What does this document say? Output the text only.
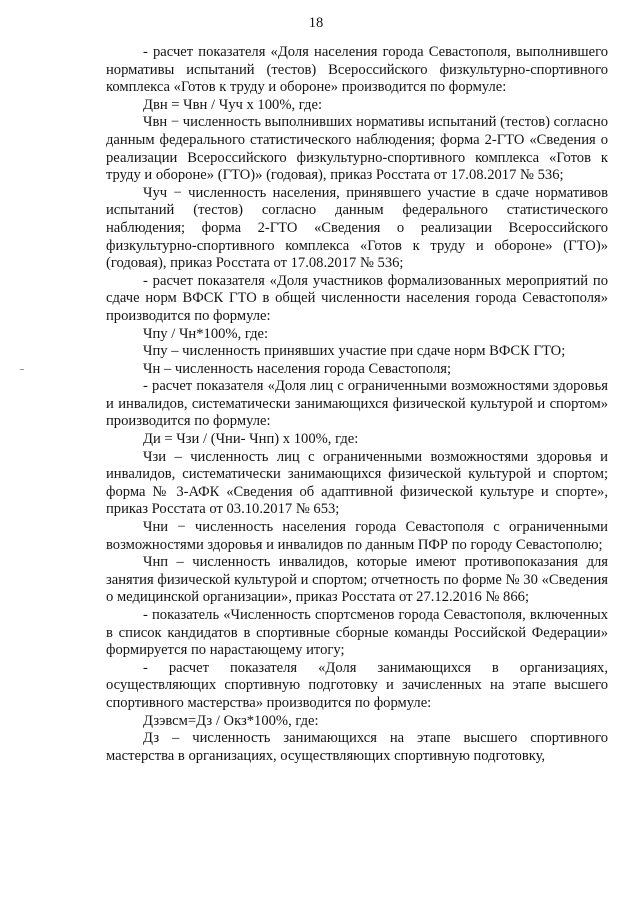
18

- расчет показателя «Доля населения города Севастополя, выполнившего нормативы испытаний (тестов) Всероссийского физкультурно-спортивного комплекса «Готов к труду и обороне» производится по формуле:

Двн = Чвн / Чуч х 100%, где:

Чвн − численность выполнивших нормативы испытаний (тестов) согласно данным федерального статистического наблюдения; форма 2-ГТО «Сведения о реализации Всероссийского физкультурно-спортивного комплекса «Готов к труду и обороне» (ГТО)» (годовая), приказ Росстата от 17.08.2017 № 536;

Чуч − численность населения, принявшего участие в сдаче нормативов испытаний (тестов) согласно данным федерального статистического наблюдения; форма 2-ГТО «Сведения о реализации Всероссийского физкультурно-спортивного комплекса «Готов к труду и обороне» (ГТО)» (годовая), приказ Росстата от 17.08.2017 № 536;

- расчет показателя «Доля участников формализованных мероприятий по сдаче норм ВФСК ГТО в общей численности населения города Севастополя» производится по формуле:

Чпу / Чн*100%, где:

Чпу – численность принявших участие при сдаче норм ВФСК ГТО;

Чн – численность населения города Севастополя;

- расчет показателя «Доля лиц с ограниченными возможностями здоровья и инвалидов, систематически занимающихся физической культурой и спортом» производится по формуле:

Ди = Чзи / (Чни- Чнп) х 100%, где:

Чзи – численность лиц с ограниченными возможностями здоровья и инвалидов, систематически занимающихся физической культурой и спортом; форма № 3-АФК «Сведения об адаптивной физической культуре и спорте», приказ Росстата от 03.10.2017 № 653;

Чни − численность населения города Севастополя с ограниченными возможностями здоровья и инвалидов по данным ПФР по городу Севастополю;

Чнп – численность инвалидов, которые имеют противопоказания для занятия физической культурой и спортом; отчетность по форме № 30 «Сведения о медицинской организации», приказ Росстата от 27.12.2016 № 866;

- показатель «Численность спортсменов города Севастополя, включенных в список кандидатов в спортивные сборные команды Российской Федерации» формируется по нарастающему итогу;

- расчет показателя «Доля занимающихся в организациях, осуществляющих спортивную подготовку и зачисленных на этапе высшего спортивного мастерства» производится по формуле:

Дзэвсм=Дз / Окз*100%, где:

Дз – численность занимающихся на этапе высшего спортивного мастерства в организациях, осуществляющих спортивную подготовку,
